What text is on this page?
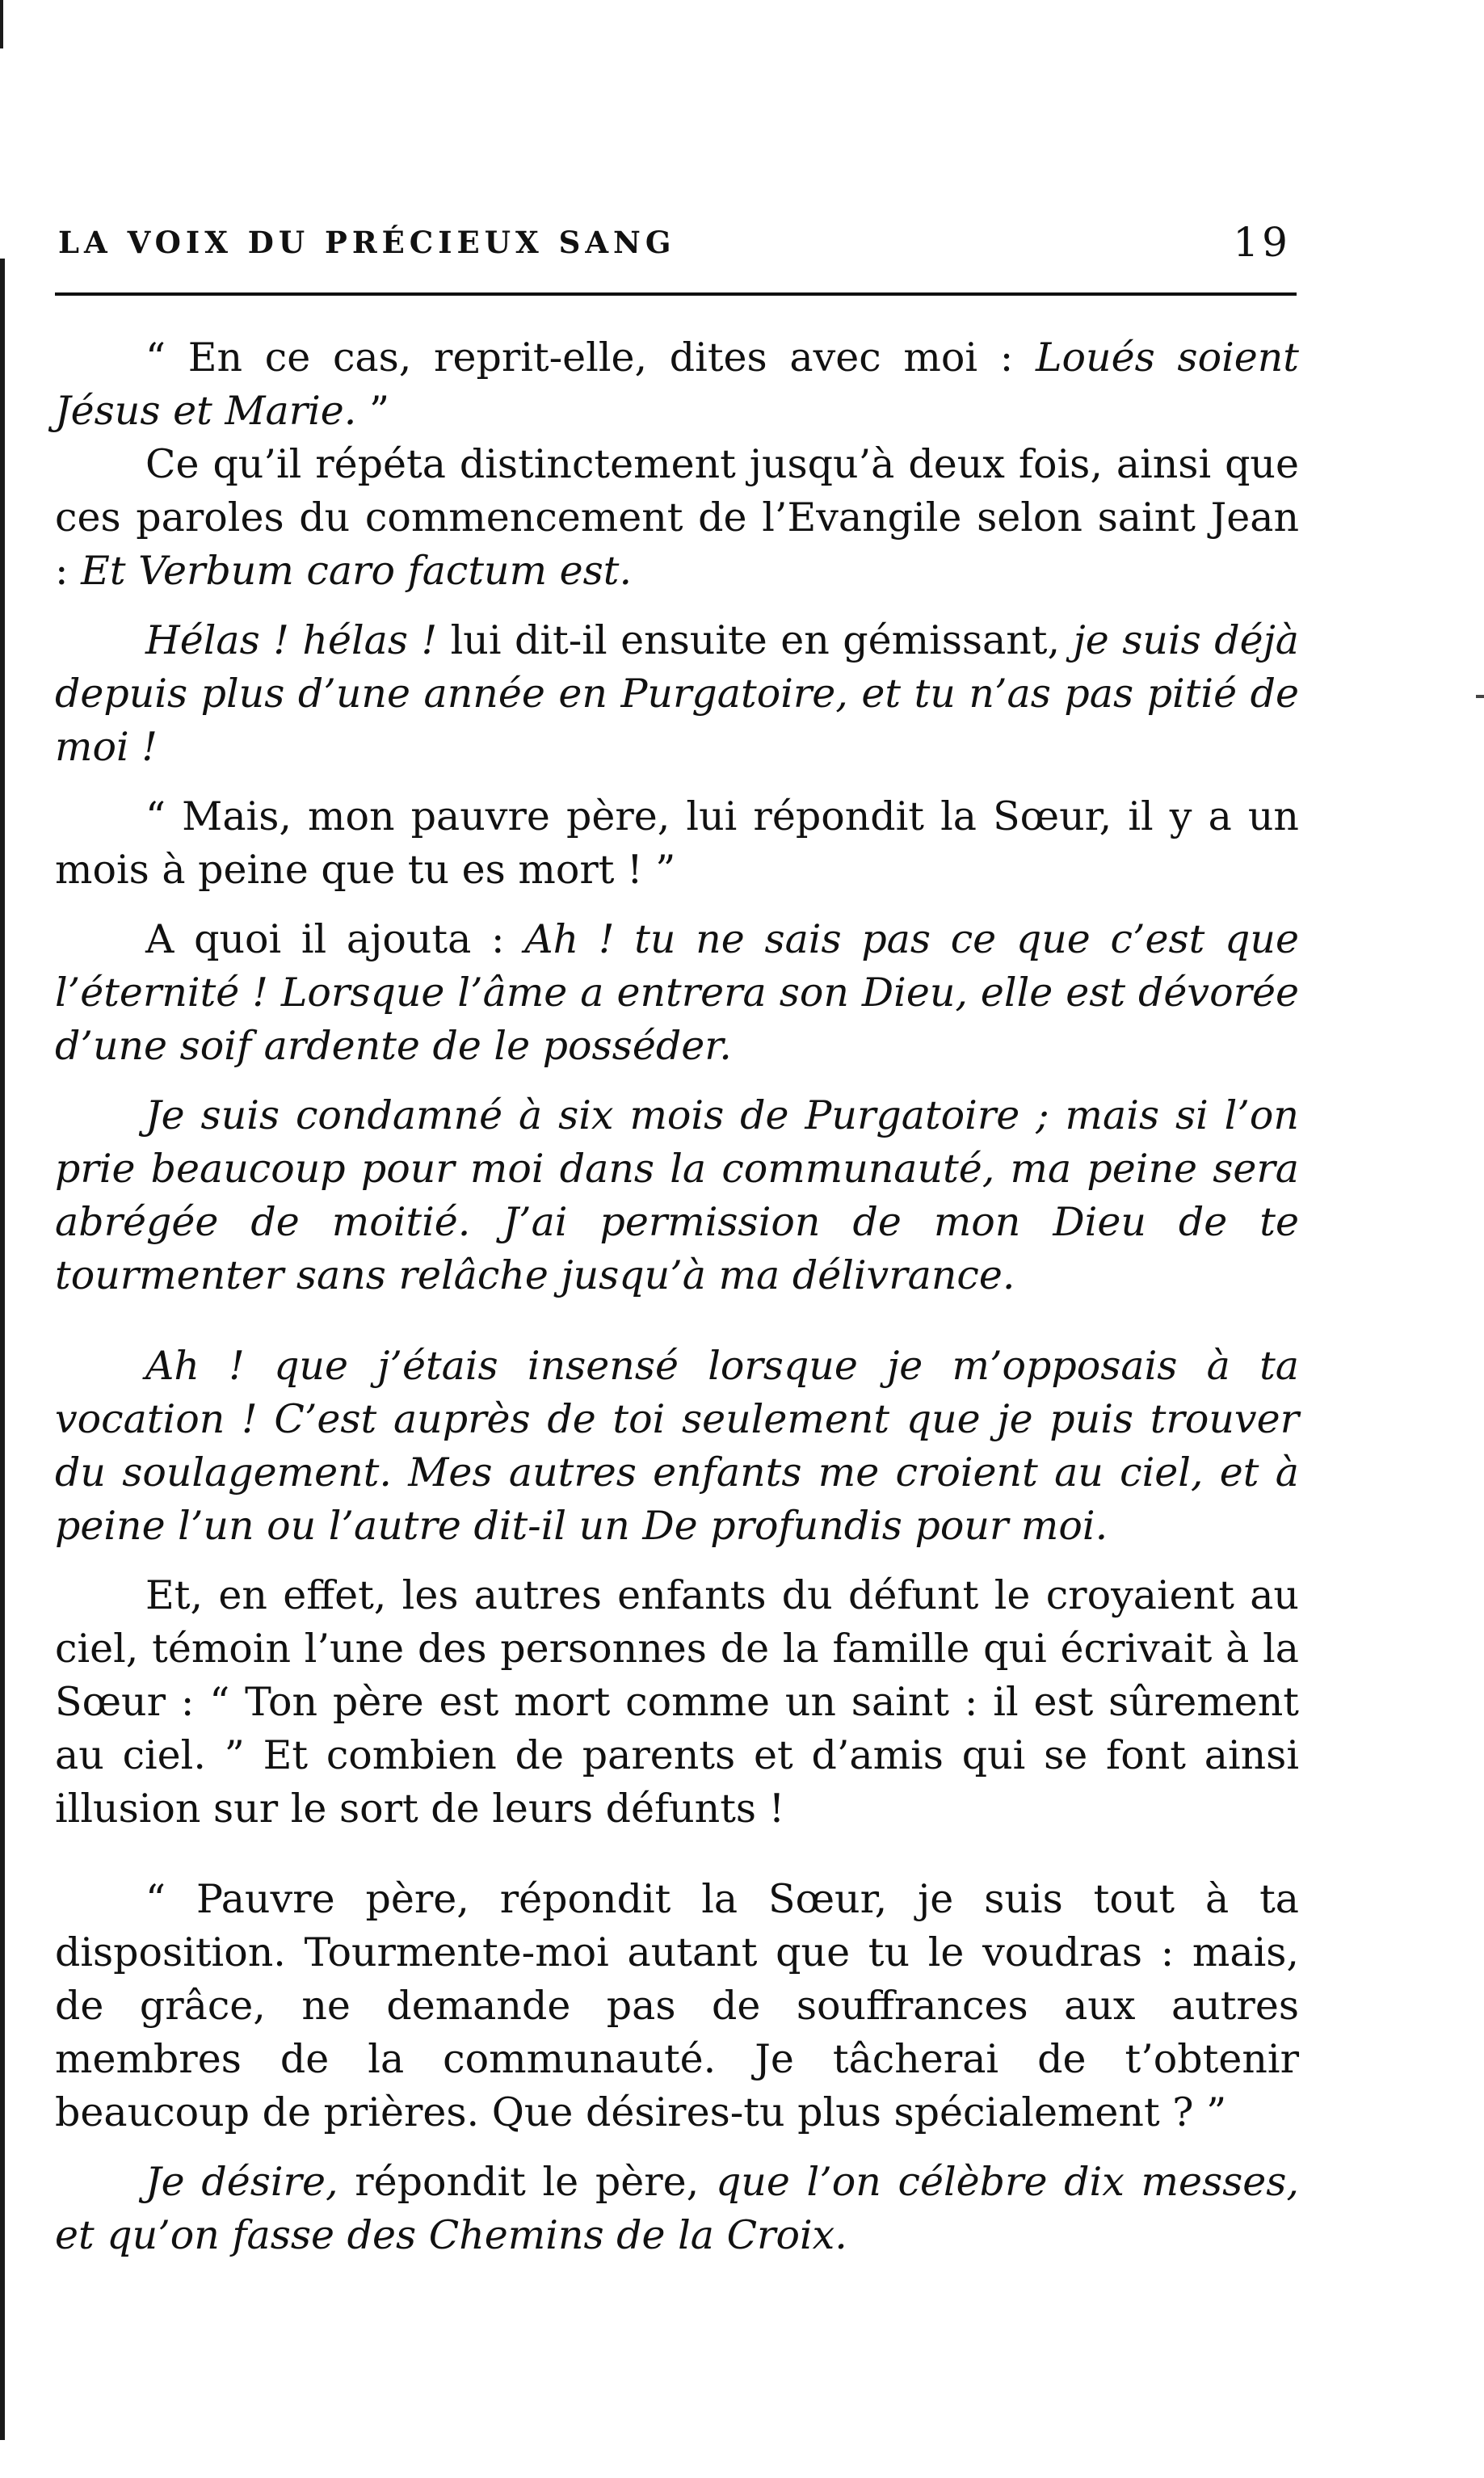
LA VOIX DU PRÉCIEUX SANG	19

“ En ce cas, reprit-elle, dites avec moi : Loués soient Jésus et Marie. ”

Ce qu’il répéta distinctement jusqu’à deux fois, ainsi que ces paroles du commencement de l’Evangile selon saint Jean : Et Verbum caro factum est.

Hélas ! hélas ! lui dit-il ensuite en gémissant, je suis déjà depuis plus d’une année en Purgatoire, et tu n’as pas pitié de moi !

“ Mais, mon pauvre père, lui répondit la Sœur, il y a un mois à peine que tu es mort ! ”

A quoi il ajouta : Ah ! tu ne sais pas ce que c’est que l’éternité ! Lorsque l’âme a entrera son Dieu, elle est dévorée d’une soif ardente de le posséder.

Je suis condamné à six mois de Purgatoire ; mais si l’on prie beaucoup pour moi dans la communauté, ma peine sera abrégée de moitié. J’ai permission de mon Dieu de te tourmenter sans relâche jusqu’à ma délivrance.

Ah ! que j’étais insensé lorsque je m’opposais à ta vocation ! C’est auprès de toi seulement que je puis trouver du soulagement. Mes autres enfants me croient au ciel, et à peine l’un ou l’autre dit-il un De profundis pour moi.

Et, en effet, les autres enfants du défunt le croyaient au ciel, témoin l’une des personnes de la famille qui écrivait à la Sœur : “ Ton père est mort comme un saint : il est sûrement au ciel. ” Et combien de parents et d’amis qui se font ainsi illusion sur le sort de leurs défunts !

“ Pauvre père, répondit la Sœur, je suis tout à ta disposition. Tourmente-moi autant que tu le voudras : mais, de grâce, ne demande pas de souffrances aux autres membres de la communauté. Je tâcherai de t’obtenir beaucoup de prières. Que désires-tu plus spécialement ? ”

Je désire, répondit le père, que l’on célèbre dix messes, et qu’on fasse des Chemins de la Croix.
